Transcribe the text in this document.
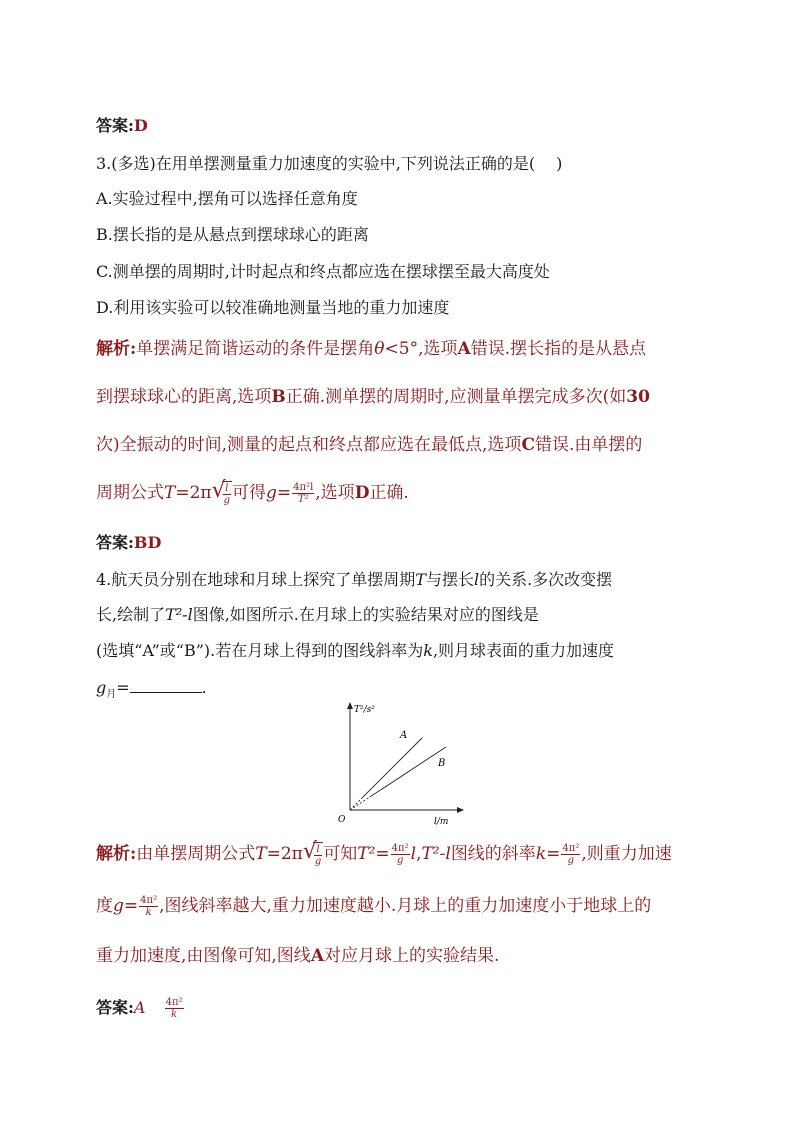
答案:D
3.(多选)在用单摆测量重力加速度的实验中,下列说法正确的是(　 )
A.实验过程中,摆角可以选择任意角度
B.摆长指的是从悬点到摆球球心的距离
C.测单摆的周期时,计时起点和终点都应选在摆球摆至最大高度处
D.利用该实验可以较准确地测量当地的重力加速度
解析:单摆满足简谐运动的条件是摆角θ<5°,选项A错误.摆长指的是从悬点
到摆球球心的距离,选项B正确.测单摆的周期时,应测量单摆完成多次(如30
次)全振动的时间,测量的起点和终点都应选在最低点,选项C错误.由单摆的
周期公式T=2π √
$\frac{l}{g}$ 可得$g= \frac{\text{4π²l}}{\text{T²}}$ ,选项D正确.
答案:BD
4.航天员分别在地球和月球上探究了单摆周期T与摆长l的关系.多次改变摆
长,绘制了T²-l图像,如图所示.在月球上的实验结果对应的图线是
(选填“A”或“B”).若在月球上得到的图线斜率为k,则月球表面的重力加速度
$g_月=$	.
T²/s²
l/m
O
A
B
解析:由单摆周期公式T=2π √
$\frac{l}{g}$ 可知$T^2= \frac{\text{4π²}}{g} l,T^2-l$图线的斜率$k= \frac{\text{4π²}}{g}$ ,则重力加速
度$g= \frac{\text{4π²}}{k}$ ,图线斜率越大,重力加速度越小.月球上的重力加速度小于地球上的
重力加速度,由图像可知,图线A对应月球上的实验结果.
答案:A $\frac{\text{4π²}}{k}$
